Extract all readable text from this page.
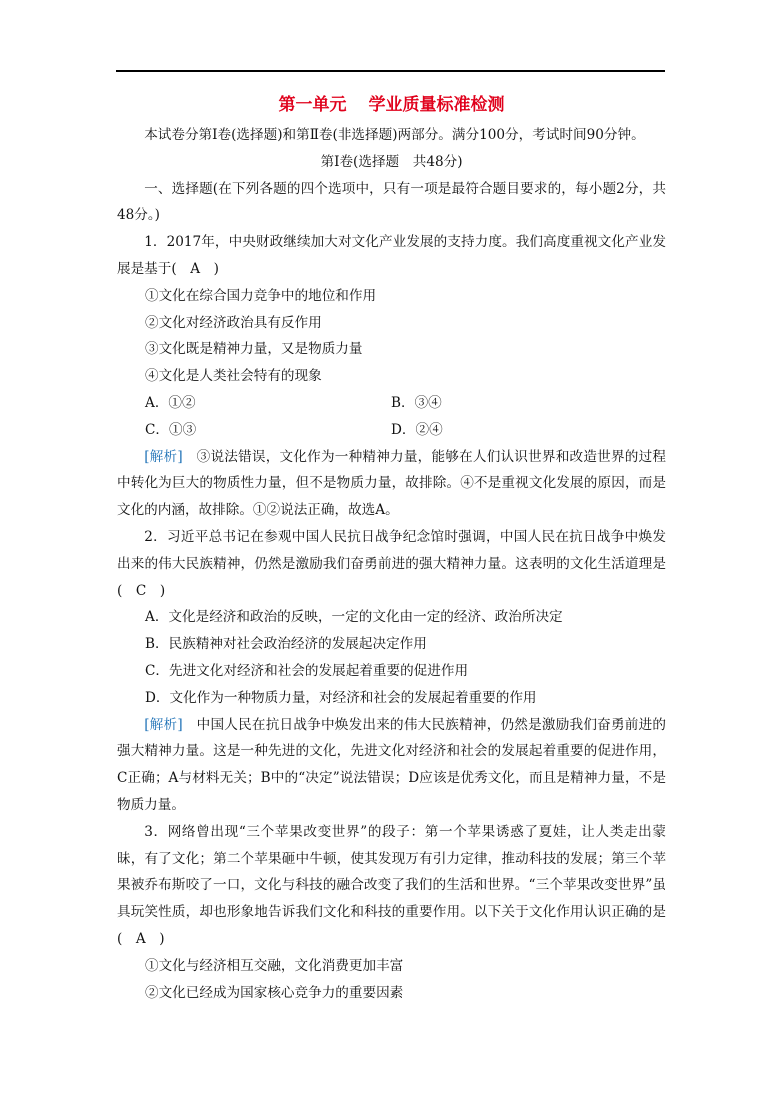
第一单元 学业质量标准检测

本试卷分第Ⅰ卷(选择题)和第Ⅱ卷(非选择题)两部分。满分100分，考试时间90分钟。

第Ⅰ卷(选择题　共48分)

一、选择题(在下列各题的四个选项中，只有一项是最符合题目要求的，每小题2分，共48分。)

1．2017年，中央财政继续加大对文化产业发展的支持力度。我们高度重视文化产业发展是基于(　A　)

①文化在综合国力竞争中的地位和作用

②文化对经济政治具有反作用

③文化既是精神力量，又是物质力量

④文化是人类社会特有的现象

A．①②	B．③④
C．①③	D．②④

[解析]　 ③说法错误，文化作为一种精神力量，能够在人们认识世界和改造世界的过程中转化为巨大的物质性力量，但不是物质力量，故排除。④不是重视文化发展的原因，而是文化的内涵，故排除。①②说法正确，故选A。

2．习近平总书记在参观中国人民抗日战争纪念馆时强调，中国人民在抗日战争中焕发出来的伟大民族精神，仍然是激励我们奋勇前进的强大精神力量。这表明的文化生活道理是(　C　)

A．文化是经济和政治的反映，一定的文化由一定的经济、政治所决定

B．民族精神对社会政治经济的发展起决定作用

C．先进文化对经济和社会的发展起着重要的促进作用

D．文化作为一种物质力量，对经济和社会的发展起着重要的作用

[解析]　 中国人民在抗日战争中焕发出来的伟大民族精神，仍然是激励我们奋勇前进的强大精神力量。这是一种先进的文化，先进文化对经济和社会的发展起着重要的促进作用，C正确；A与材料无关；B中的“决定”说法错误；D应该是优秀文化，而且是精神力量，不是物质力量。

3．网络曾出现“三个苹果改变世界”的段子：第一个苹果诱惑了夏娃，让人类走出蒙昧，有了文化；第二个苹果砸中牛顿，使其发现万有引力定律，推动科技的发展；第三个苹果被乔布斯咬了一口，文化与科技的融合改变了我们的生活和世界。“三个苹果改变世界”虽具玩笑性质，却也形象地告诉我们文化和科技的重要作用。以下关于文化作用认识正确的是(　A　)

①文化与经济相互交融，文化消费更加丰富

②文化已经成为国家核心竞争力的重要因素
